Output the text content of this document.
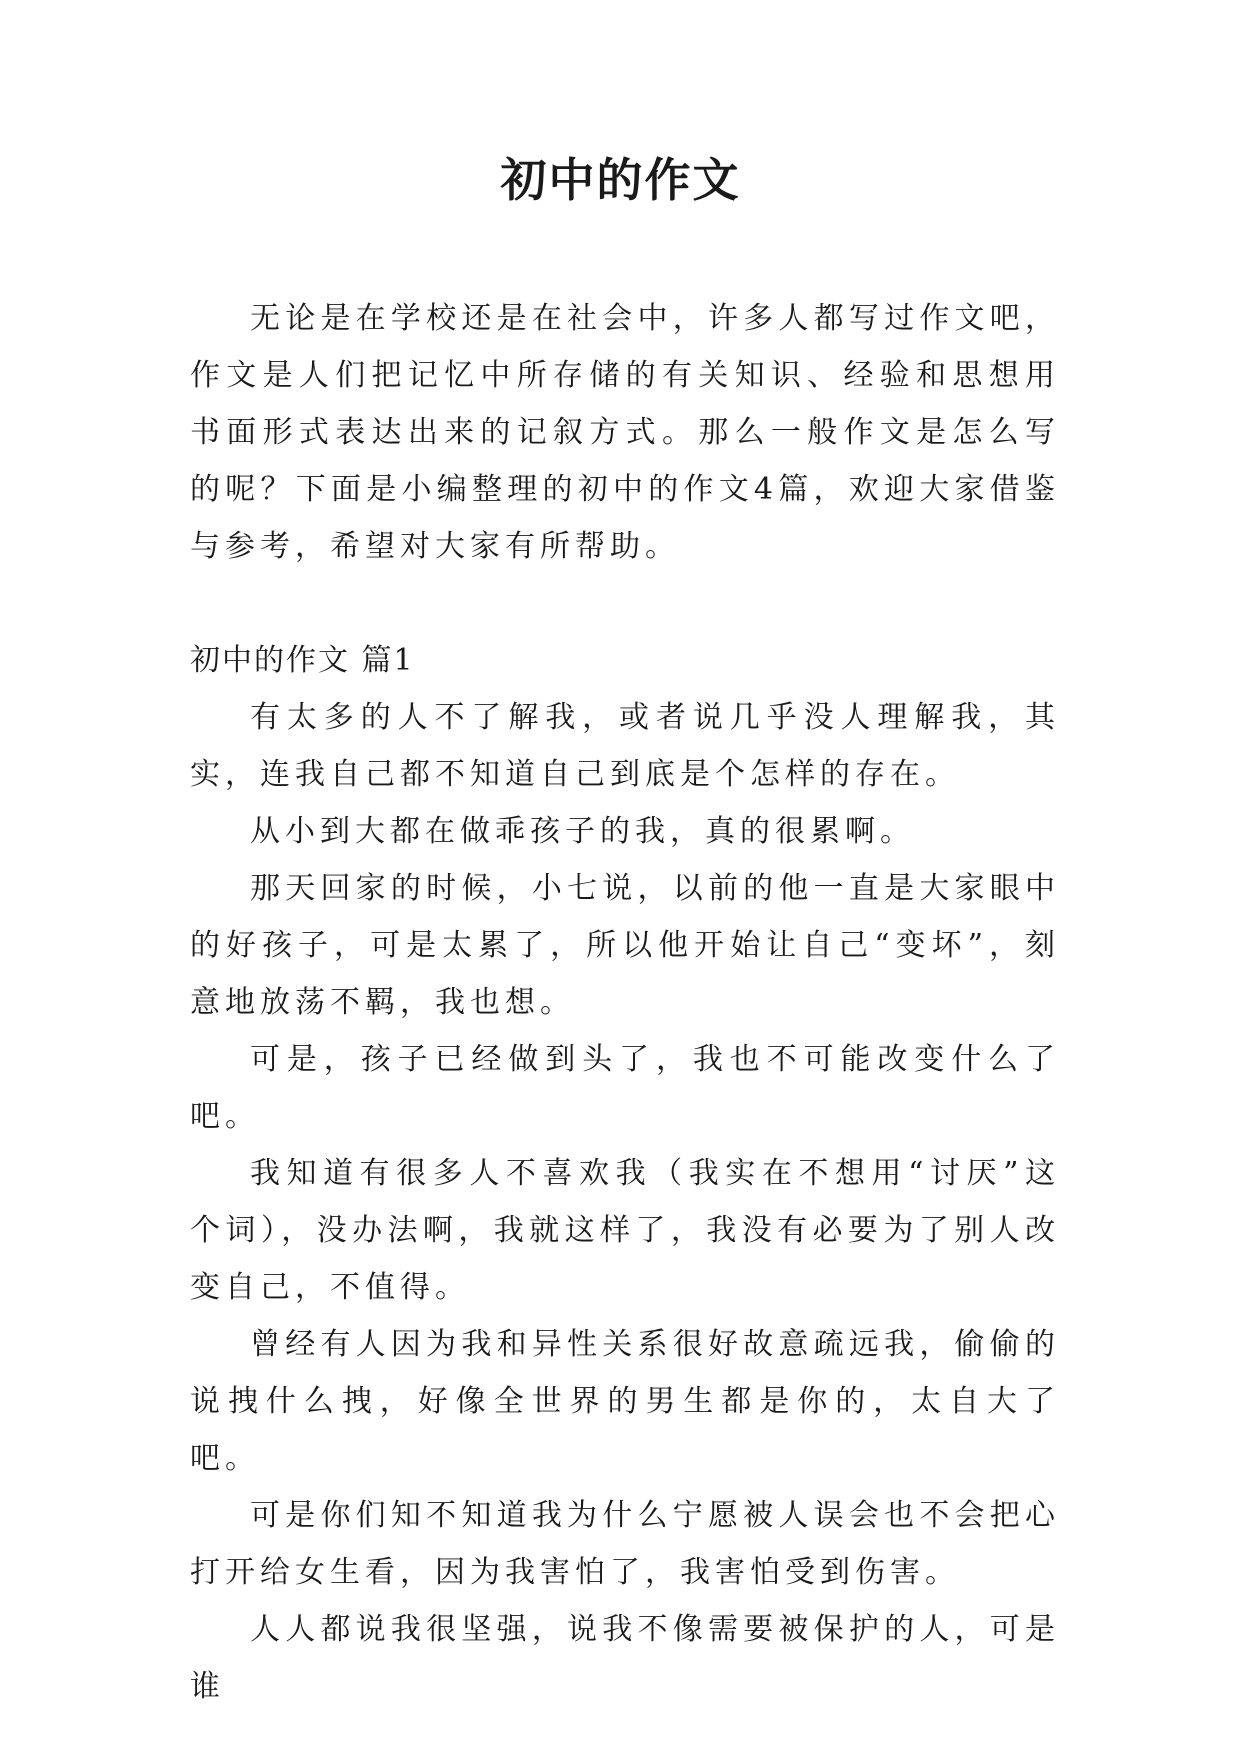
初中的作文

无论是在学校还是在社会中，许多人都写过作文吧，作文是人们把记忆中所存储的有关知识、经验和思想用书面形式表达出来的记叙方式。那么一般作文是怎么写的呢？下面是小编整理的初中的作文4篇，欢迎大家借鉴与参考，希望对大家有所帮助。

初中的作文 篇1

有太多的人不了解我，或者说几乎没人理解我，其实，连我自己都不知道自己到底是个怎样的存在。

从小到大都在做乖孩子的我，真的很累啊。

那天回家的时候，小七说，以前的他一直是大家眼中的好孩子，可是太累了，所以他开始让自己“变坏”，刻意地放荡不羁，我也想。

可是，孩子已经做到头了，我也不可能改变什么了吧。

我知道有很多人不喜欢我（我实在不想用“讨厌”这个词），没办法啊，我就这样了，我没有必要为了别人改变自己，不值得。

曾经有人因为我和异性关系很好故意疏远我，偷偷的说拽什么拽，好像全世界的男生都是你的，太自大了吧。

可是你们知不知道我为什么宁愿被人误会也不会把心打开给女生看，因为我害怕了，我害怕受到伤害。

人人都说我很坚强，说我不像需要被保护的人，可是谁
